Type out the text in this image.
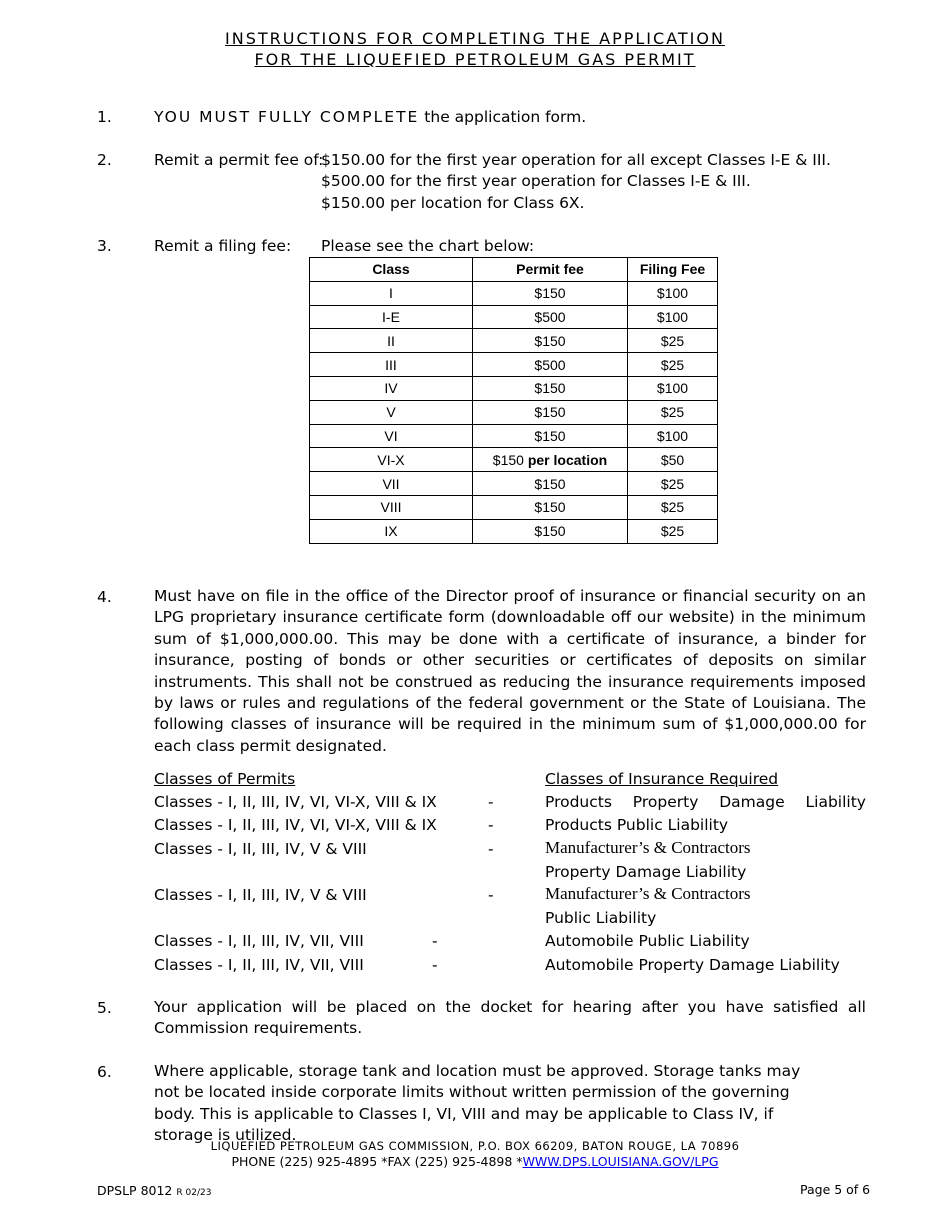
INSTRUCTIONS FOR COMPLETING THE APPLICATION
FOR THE LIQUEFIED PETROLEUM GAS PERMIT
1.	YOU MUST FULLY COMPLETE the application form.
2.	Remit a permit fee of:
$150.00 for the first year operation for all except Classes I-E & III.
$500.00 for the first year operation for Classes I-E & III.
$150.00 per location for Class 6X.
3.	Remit a filing fee: Please see the chart below:
Class	Permit fee	Filing Fee
I	$150	$100
I-E	$500	$100
II	$150	$25
III	$500	$25
IV	$150	$100
V	$150	$25
VI	$150	$100
VI-X	$150 per location	$50
VII	$150	$25
VIII	$150	$25
IX	$150	$25
4.	Must have on file in the office of the Director proof of insurance or financial security on an LPG proprietary insurance certificate form (downloadable off our website) in the minimum sum of $1,000,000.00. This may be done with a certificate of insurance, a binder for insurance, posting of bonds or other securities or certificates of deposits on similar instruments. This shall not be construed as reducing the insurance requirements imposed by laws or rules and regulations of the federal government or the State of Louisiana. The following classes of insurance will be required in the minimum sum of $1,000,000.00 for each class permit designated.
Classes of Permits	Classes of Insurance Required
Classes - I, II, III, IV, VI, VI-X, VIII & IX	-	Products Property Damage Liability
Classes - I, II, III, IV, VI, VI-X, VIII & IX	-	Products Public Liability
Classes - I, II, III, IV, V & VIII	-	Manufacturer’s & Contractors
Property Damage Liability
Classes - I, II, III, IV, V & VIII	-	Manufacturer’s & Contractors
Public Liability
Classes - I, II, III, IV, VII, VIII	-	Automobile Public Liability
Classes - I, II, III, IV, VII, VIII	-	Automobile Property Damage Liability
5.	Your application will be placed on the docket for hearing after you have satisfied all Commission requirements.
6.	Where applicable, storage tank and location must be approved. Storage tanks may not be located inside corporate limits without written permission of the governing body. This is applicable to Classes I, VI, VIII and may be applicable to Class IV, if storage is utilized.
LIQUEFIED PETROLEUM GAS COMMISSION, P.O. BOX 66209, BATON ROUGE, LA 70896
PHONE (225) 925-4895 *FAX (225) 925-4898 *WWW.DPS.LOUISIANA.GOV/LPG
DPSLP 8012 R 02/23	Page 5 of 6
